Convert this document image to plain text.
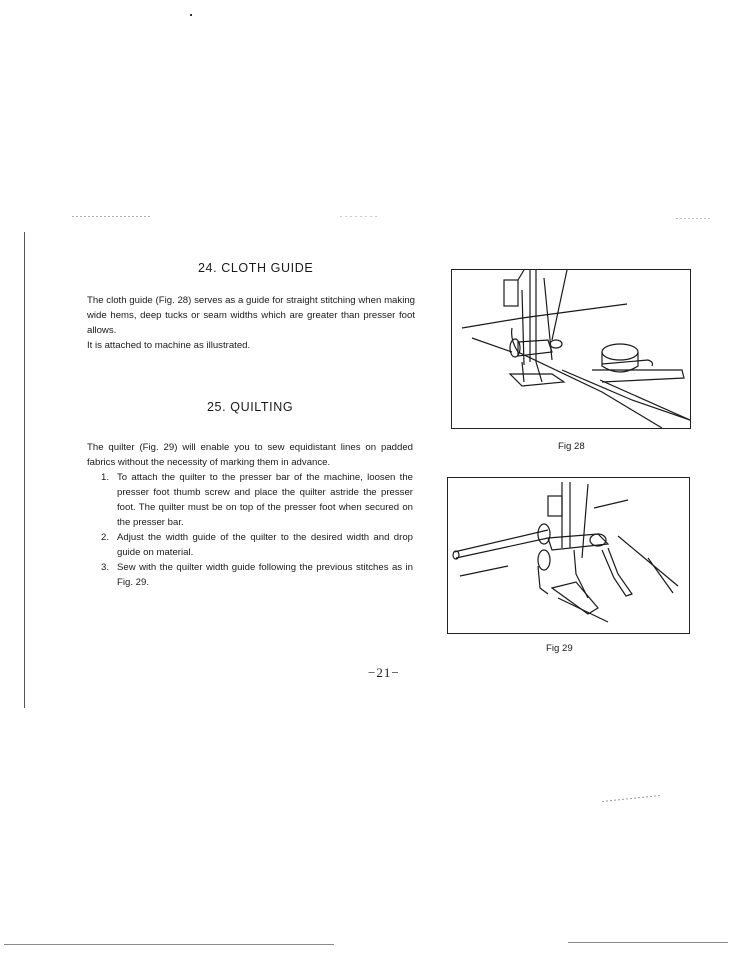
24. CLOTH GUIDE

The cloth guide (Fig. 28) serves as a guide for straight stitching when making wide hems, deep tucks or seam widths which are greater than presser foot allows.

It is attached to machine as illustrated.

25. QUILTING

The quilter (Fig. 29) will enable you to sew equidistant lines on padded fabrics without the necessity of marking them in advance.

1. To attach the quilter to the presser bar of the machine, loosen the presser foot thumb screw and place the quilter astride the presser foot. The quilter must be on top of the presser foot when secured on the presser bar.
2. Adjust the width guide of the quilter to the desired width and drop guide on material.
3. Sew with the quilter width guide following the previous stitches as in Fig. 29.
Fig 28
Fig 29
−21−
